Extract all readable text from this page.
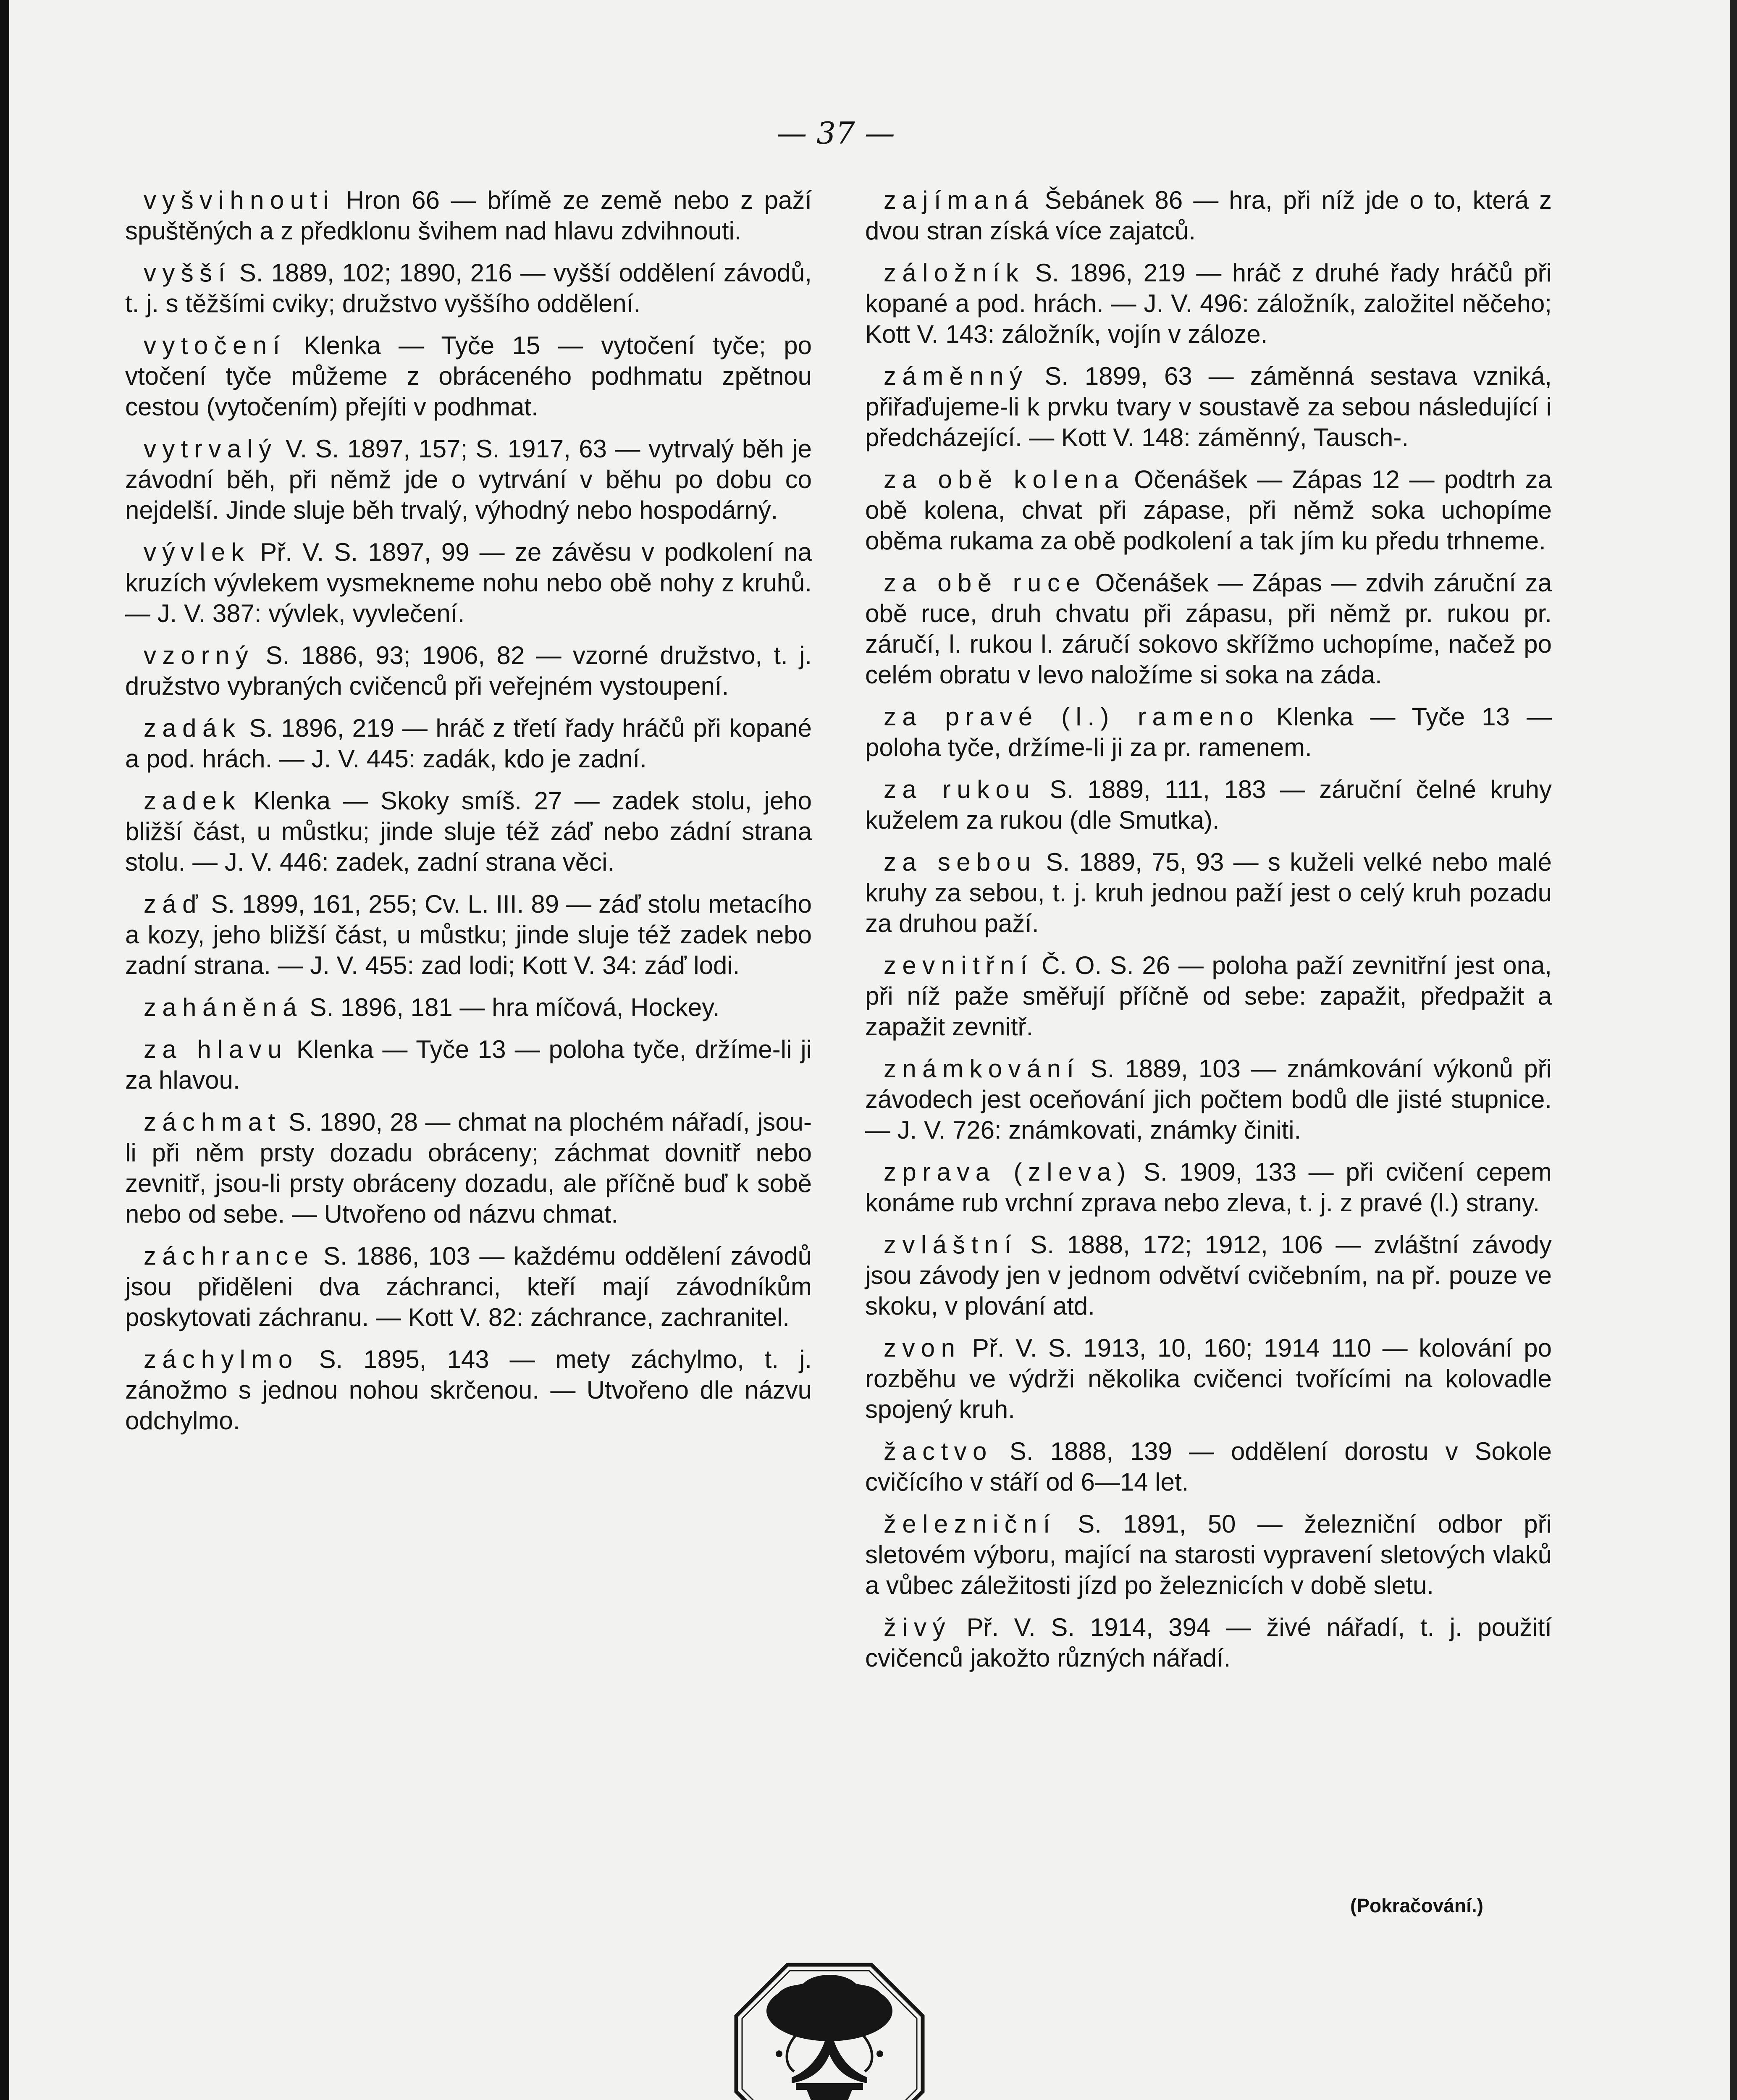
— 37 —

vyšvihnouti Hron 66 — břímě ze země nebo z paží spuštěných a z předklonu švihem nad hlavu zdvihnouti.

vyšší S. 1889, 102; 1890, 216 — vyšší oddělení závodů, t. j. s těžšími cviky; družstvo vyššího oddělení.

vytočení Klenka — Tyče 15 — vytočení tyče; po vtočení tyče můžeme z obráceného podhmatu zpětnou cestou (vytočením) přejíti v podhmat.

vytrvalý V. S. 1897, 157; S. 1917, 63 — vytrvalý běh je závodní běh, při němž jde o vytrvání v běhu po dobu co nejdelší. Jinde sluje běh trvalý, výhodný nebo hospodárný.

vývlek Př. V. S. 1897, 99 — ze závěsu v podkolení na kruzích vývlekem vysmekneme nohu nebo obě nohy z kruhů. — J. V. 387: vývlek, vyvlečení.

vzorný S. 1886, 93; 1906, 82 — vzorné družstvo, t. j. družstvo vybraných cvičenců při veřejném vystoupení.

zadák S. 1896, 219 — hráč z třetí řady hráčů při kopané a pod. hrách. — J. V. 445: zadák, kdo je zadní.

zadek Klenka — Skoky smíš. 27 — zadek stolu, jeho bližší část, u můstku; jinde sluje též záď nebo zádní strana stolu. — J. V. 446: zadek, zadní strana věci.

záď S. 1899, 161, 255; Cv. L. III. 89 — záď stolu metacího a kozy, jeho bližší část, u můstku; jinde sluje též zadek nebo zadní strana. — J. V. 455: zad lodi; Kott V. 34: záď lodi.

zaháněná S. 1896, 181 — hra míčová, Hockey.

za hlavu Klenka — Tyče 13 — poloha tyče, držíme-li ji za hlavou.

záchmat S. 1890, 28 — chmat na plochém nářadí, jsou-li při něm prsty dozadu obráceny; záchmat dovnitř nebo zevnitř, jsou-li prsty obráceny dozadu, ale příčně buď k sobě nebo od sebe. — Utvořeno od názvu chmat.

záchrance S. 1886, 103 — každému oddělení závodů jsou přiděleni dva záchranci, kteří mají závodníkům poskytovati záchranu. — Kott V. 82: záchrance, zachranitel.

záchylmo S. 1895, 143 — mety záchylmo, t. j. zánožmo s jednou nohou skrčenou. — Utvořeno dle názvu odchylmo.

zajímaná Šebánek 86 — hra, při níž jde o to, která z dvou stran získá více zajatců.

záložník S. 1896, 219 — hráč z druhé řady hráčů při kopané a pod. hrách. — J. V. 496: záložník, založitel něčeho; Kott V. 143: záložník, vojín v záloze.

záměnný S. 1899, 63 — záměnná sestava vzniká, přiřaďujeme-li k prvku tvary v soustavě za sebou následující i předcházející. — Kott V. 148: záměnný, Tausch-.

za obě kolena Očenášek — Zápas 12 — podtrh za obě kolena, chvat při zápase, při němž soka uchopíme oběma rukama za obě podkolení a tak jím ku předu trhneme.

za obě ruce Očenášek — Zápas — zdvih záruční za obě ruce, druh chvatu při zápasu, při němž pr. rukou pr. záručí, l. rukou l. záručí sokovo skřížmo uchopíme, načež po celém obratu v levo naložíme si soka na záda.

za pravé (l.) rameno Klenka — Tyče 13 — poloha tyče, držíme-li ji za pr. ramenem.

za rukou S. 1889, 111, 183 — záruční čelné kruhy kuželem za rukou (dle Smutka).

za sebou S. 1889, 75, 93 — s kuželi velké nebo malé kruhy za sebou, t. j. kruh jednou paží jest o celý kruh pozadu za druhou paží.

zevnitřní Č. O. S. 26 — poloha paží zevnitřní jest ona, při níž paže směřují příčně od sebe: zapažit, předpažit a zapažit zevnitř.

známkování S. 1889, 103 — známkování výkonů při závodech jest oceňování jich počtem bodů dle jisté stupnice. — J. V. 726: známkovati, známky činiti.

zprava (zleva) S. 1909, 133 — při cvičení cepem konáme rub vrchní zprava nebo zleva, t. j. z pravé (l.) strany.

zvláštní S. 1888, 172; 1912, 106 — zvláštní závody jsou závody jen v jednom odvětví cvičebním, na př. pouze ve skoku, v plování atd.

zvon Př. V. S. 1913, 10, 160; 1914 110 — kolování po rozběhu ve výdrži několika cvičenci tvořícími na kolovadle spojený kruh.

žactvo S. 1888, 139 — oddělení dorostu v Sokole cvičícího v stáří od 6—14 let.

železniční S. 1891, 50 — železniční odbor při sletovém výboru, mající na starosti vypravení sletových vlaků a vůbec záležitosti jízd po železnicích v době sletu.

živý Př. V. S. 1914, 394 — živé nářadí, t. j. použití cvičenců jakožto různých nářadí.

(Pokračování.)
